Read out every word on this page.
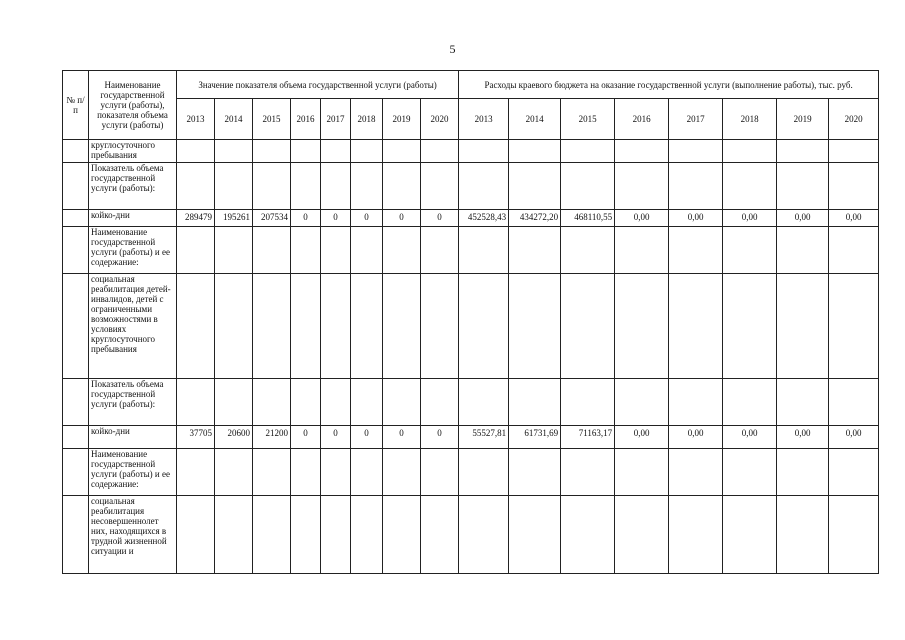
5
№ п/ п	Наименование государственной услуги (работы), показателя объема услуги (работы)	Значение показателя объема государственной услуги (работы)								Расходы краевого бюджета на оказание государственной услуги (выполнение работы), тыс. руб.							
		2013	2014	2015	2016	2017	2018	2019	2020	2013	2014	2015	2016	2017	2018	2019	2020
	круглосуточного пребывания																
	Показатель объема государственной услуги (работы):																
	койко-дни	289479	195261	207534	0	0	0	0	0	452528,43	434272,20	468110,55	0,00	0,00	0,00	0,00	0,00
	Наименование государственной услуги (работы) и ее содержание:																
	социальная реабилитация детей-инвалидов, детей с ограниченными возможностями в условиях круглосуточного пребывания																
	Показатель объема государственной услуги (работы):																
	койко-дни	37705	20600	21200	0	0	0	0	0	55527,81	61731,69	71163,17	0,00	0,00	0,00	0,00	0,00
	Наименование государственной услуги (работы) и ее содержание:																
	социальная реабилитация несовершеннолет них, находящихся в трудной жизненной ситуации и																
